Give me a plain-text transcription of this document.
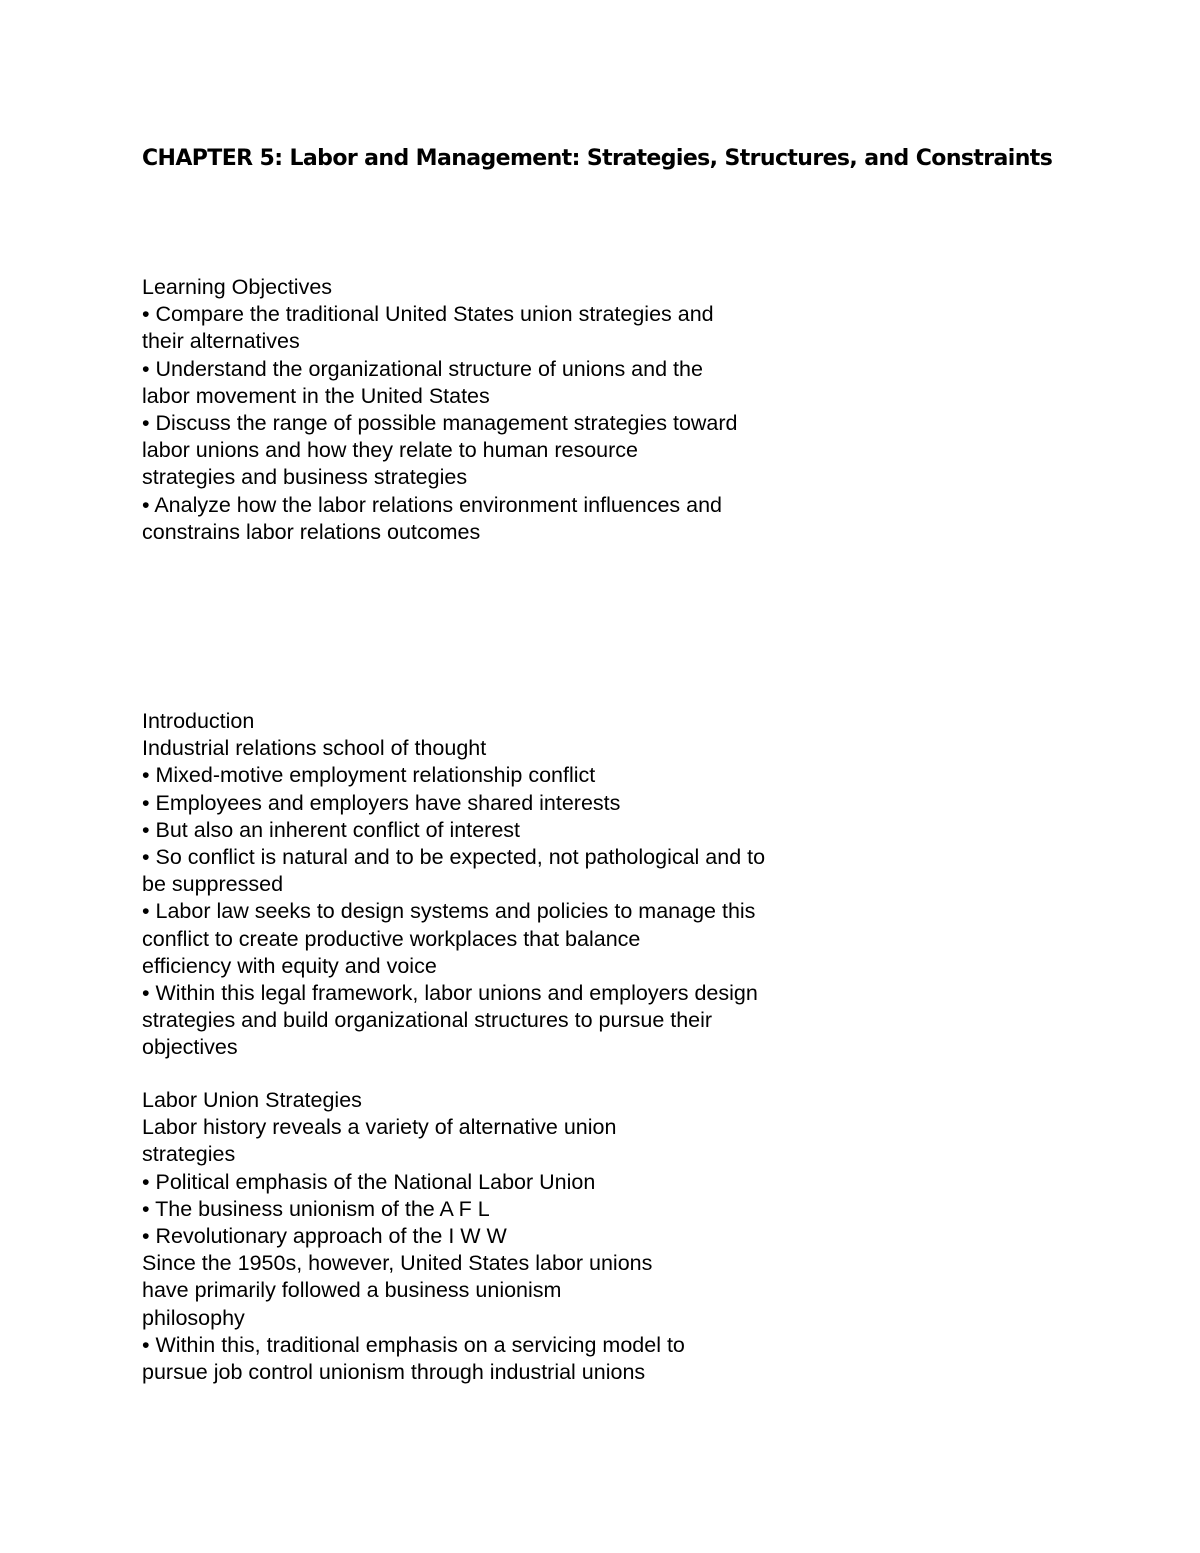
CHAPTER 5: Labor and Management: Strategies, Structures, and Constraints
Learning Objectives
• Compare the traditional United States union strategies and
their alternatives
• Understand the organizational structure of unions and the
labor movement in the United States
• Discuss the range of possible management strategies toward
labor unions and how they relate to human resource
strategies and business strategies
• Analyze how the labor relations environment influences and
constrains labor relations outcomes
Introduction
Industrial relations school of thought
• Mixed-motive employment relationship conflict
• Employees and employers have shared interests
• But also an inherent conflict of interest
• So conflict is natural and to be expected, not pathological and to
be suppressed
• Labor law seeks to design systems and policies to manage this
conflict to create productive workplaces that balance
efficiency with equity and voice
• Within this legal framework, labor unions and employers design
strategies and build organizational structures to pursue their
objectives
Labor Union Strategies
Labor history reveals a variety of alternative union
strategies
• Political emphasis of the National Labor Union
• The business unionism of the A F L
• Revolutionary approach of the I W W
Since the 1950s, however, United States labor unions
have primarily followed a business unionism
philosophy
• Within this, traditional emphasis on a servicing model to
pursue job control unionism through industrial unions
